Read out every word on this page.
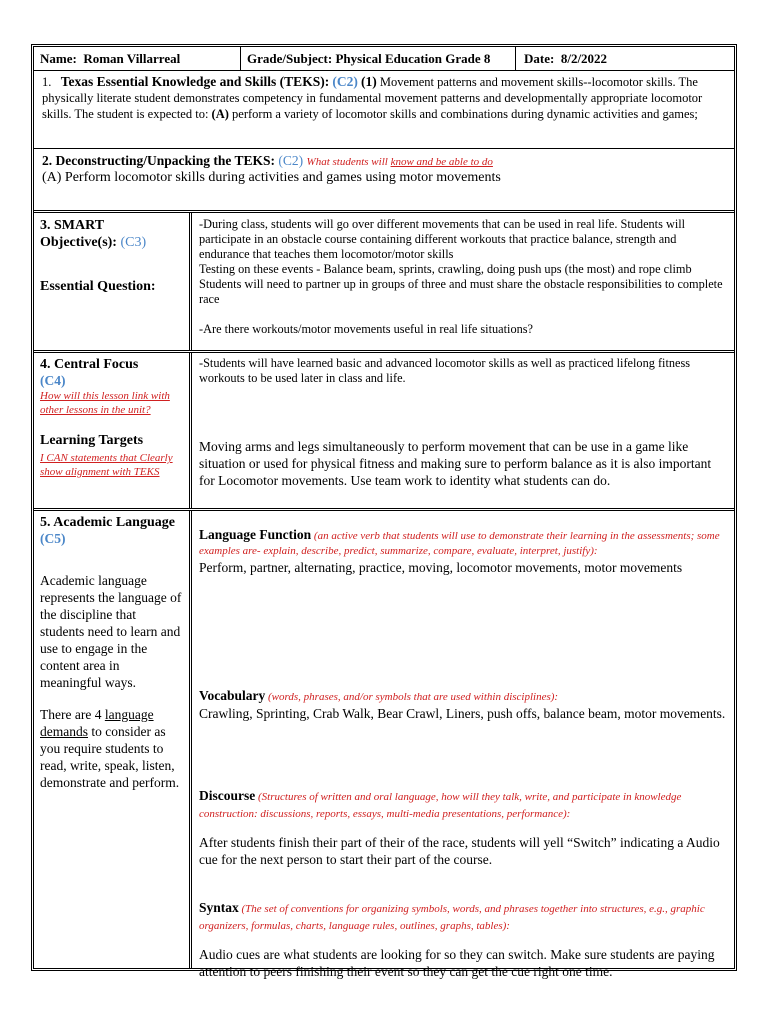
Name: Roman Villarreal	Grade/Subject: Physical Education Grade 8	Date: 8/2/2022
1. Texas Essential Knowledge and Skills (TEKS): (C2) (1) Movement patterns and movement skills--locomotor skills. The physically literate student demonstrates competency in fundamental movement patterns and developmentally appropriate locomotor skills. The student is expected to: (A) perform a variety of locomotor skills and combinations during dynamic activities and games;

2. Deconstructing/Unpacking the TEKS: (C2) What students will know and be able to do

(A) Perform locomotor skills during activities and games using motor movements

3. SMART Objective(s): (C3)

Essential Question:

-During class, students will go over different movements that can be used in real life. Students will participate in an obstacle course containing different workouts that practice balance, strength and endurance that teaches them locomotor/motor skills

Testing on these events - Balance beam, sprints, crawling, doing push ups (the most) and rope climb

Students will need to partner up in groups of three and must share the obstacle responsibilities to complete race

-Are there workouts/motor movements useful in real life situations?

4. Central Focus

(C4)

How will this lesson link with other lessons in the unit?

Learning Targets

I CAN statements that Clearly show alignment with TEKS

-Students will have learned basic and advanced locomotor skills as well as practiced lifelong fitness workouts to be used later in class and life.

Moving arms and legs simultaneously to perform movement that can be use in a game like situation or used for physical fitness and making sure to perform balance as it is also important for Locomotor movements. Use team work to identity what students can do.

5. Academic Language

(C5)

Academic language represents the language of the discipline that students need to learn and use to engage in the content area in meaningful ways.

There are 4 language demands to consider as you require students to read, write, speak, listen, demonstrate and perform.

Language Function (an active verb that students will use to demonstrate their learning in the assessments; some examples are- explain, describe, predict, summarize, compare, evaluate, interpret, justify):

Perform, partner, alternating, practice, moving, locomotor movements, motor movements

Vocabulary (words, phrases, and/or symbols that are used within disciplines):

Crawling, Sprinting, Crab Walk, Bear Crawl, Liners, push offs, balance beam, motor movements.

Discourse (Structures of written and oral language, how will they talk, write, and participate in knowledge construction: discussions, reports, essays, multi-media presentations, performance):

After students finish their part of their of the race, students will yell “Switch” indicating a Audio cue for the next person to start their part of the course.

Syntax (The set of conventions for organizing symbols, words, and phrases together into structures, e.g., graphic organizers, formulas, charts, language rules, outlines, graphs, tables):

Audio cues are what students are looking for so they can switch. Make sure students are paying attention to peers finishing their event so they can get the cue right one time.
